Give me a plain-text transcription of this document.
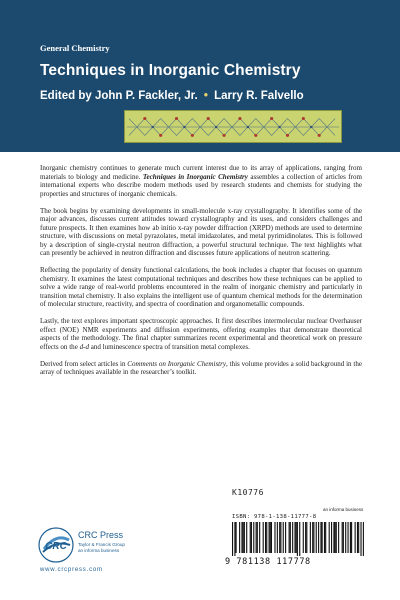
General Chemistry
Techniques in Inorganic Chemistry
Edited by John P. Fackler, Jr. • Larry R. Falvello

Inorganic chemistry continues to generate much current interest due to its array of applications, ranging from materials to biology and medicine. Techniques in Inorganic Chemistry assembles a collection of articles from international experts who describe modern methods used by research students and chemists for studying the properties and structures of inorganic chemicals.

The book begins by examining developments in small-molecule x-ray crystallography. It identifies some of the major advances, discusses current attitudes toward crystallography and its uses, and considers challenges and future prospects. It then examines how ab initio x-ray powder diffraction (XRPD) methods are used to determine structure, with discussions on metal pyrazolates, metal imidazolates, and metal pyrimidinolates. This is followed by a description of single-crystal neutron diffraction, a powerful structural technique. The text highlights what can presently be achieved in neutron diffraction and discusses future applications of neutron scattering.

Reflecting the popularity of density functional calculations, the book includes a chapter that focuses on quantum chemistry. It examines the latest computational techniques and describes how these techniques can be applied to solve a wide range of real-world problems encountered in the realm of inorganic chemistry and particularly in transition metal chemistry. It also explains the intelligent use of quantum chemical methods for the determination of molecular structure, reactivity, and spectra of coordination and organometallic compounds.

Lastly, the text explores important spectroscopic approaches. It first describes intermolecular nuclear Overhauser effect (NOE) NMR experiments and diffusion experiments, offering examples that demonstrate theoretical aspects of the methodology. The final chapter summarizes recent experimental and theoretical work on pressure effects on the d-d and luminescence spectra of transition metal complexes.

Derived from select articles in Comments on Inorganic Chemistry, this volume provides a solid background in the array of techniques available in the researcher’s toolkit.

K10776
an informa business
ISBN: 978-1-138-11777-8
9 781138 117778
CRC
CRC Press
Taylor & Francis Group
an informa business
www.crcpress.com
